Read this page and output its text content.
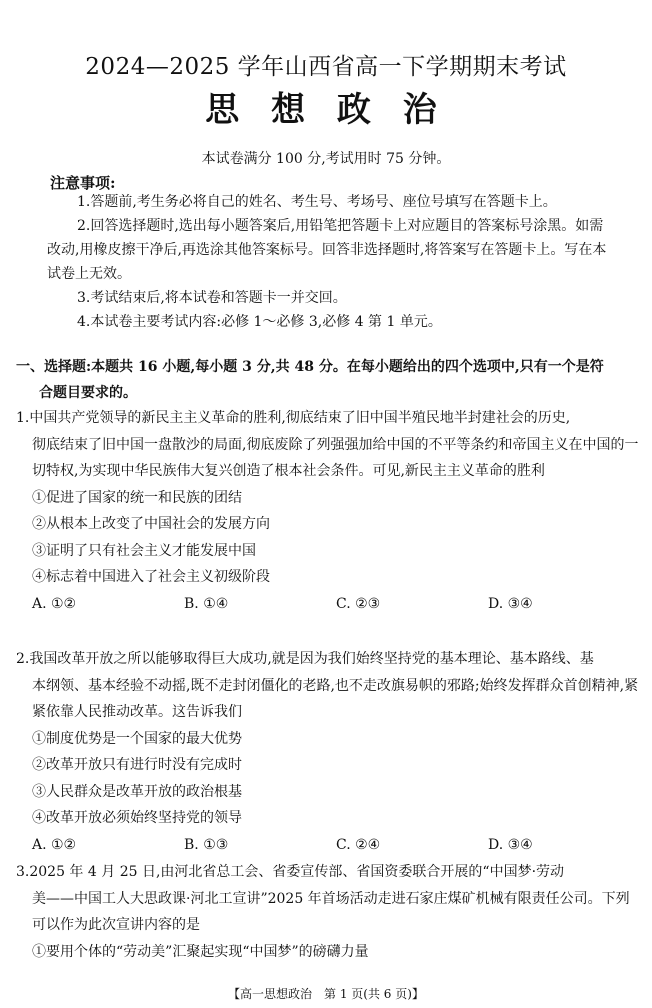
2024—2025 学年山西省高一下学期期末考试
思 想 政 治
本试卷满分 100 分,考试用时 75 分钟。
注意事项:

1.答题前,考生务必将自己的姓名、考生号、考场号、座位号填写在答题卡上。

2.回答选择题时,选出每小题答案后,用铅笔把答题卡上对应题目的答案标号涂黑。如需改动,用橡皮擦干净后,再选涂其他答案标号。回答非选择题时,将答案写在答题卡上。写在本试卷上无效。

3.考试结束后,将本试卷和答题卡一并交回。

4.本试卷主要考试内容:必修 1～必修 3,必修 4 第 1 单元。

一、选择题:本题共 16 小题,每小题 3 分,共 48 分。在每小题给出的四个选项中,只有一个是符
合题目要求的。

1.中国共产党领导的新民主主义革命的胜利,彻底结束了旧中国半殖民地半封建社会的历史,
彻底结束了旧中国一盘散沙的局面,彻底废除了列强强加给中国的不平等条约和帝国主义在中国的一切特权,为实现中华民族伟大复兴创造了根本社会条件。可见,新民主主义革命的胜利

①促进了国家的统一和民族的团结

②从根本上改变了中国社会的发展方向

③证明了只有社会主义才能发展中国

④标志着中国进入了社会主义初级阶段

A. ①②	B. ①④	C. ②③	D. ③④

2.我国改革开放之所以能够取得巨大成功,就是因为我们始终坚持党的基本理论、基本路线、基
本纲领、基本经验不动摇,既不走封闭僵化的老路,也不走改旗易帜的邪路;始终发挥群众首创精神,紧紧依靠人民推动改革。这告诉我们

①制度优势是一个国家的最大优势

②改革开放只有进行时没有完成时

③人民群众是改革开放的政治根基

④改革开放必须始终坚持党的领导

A. ①②	B. ①③	C. ②④	D. ③④

3.2025 年 4 月 25 日,由河北省总工会、省委宣传部、省国资委联合开展的“中国梦·劳动
美——中国工人大思政课·河北工宣讲”2025 年首场活动走进石家庄煤矿机械有限责任公司。下列可以作为此次宣讲内容的是

①要用个体的“劳动美”汇聚起实现“中国梦”的磅礴力量

【高一思想政治　第 1 页(共 6 页)】
